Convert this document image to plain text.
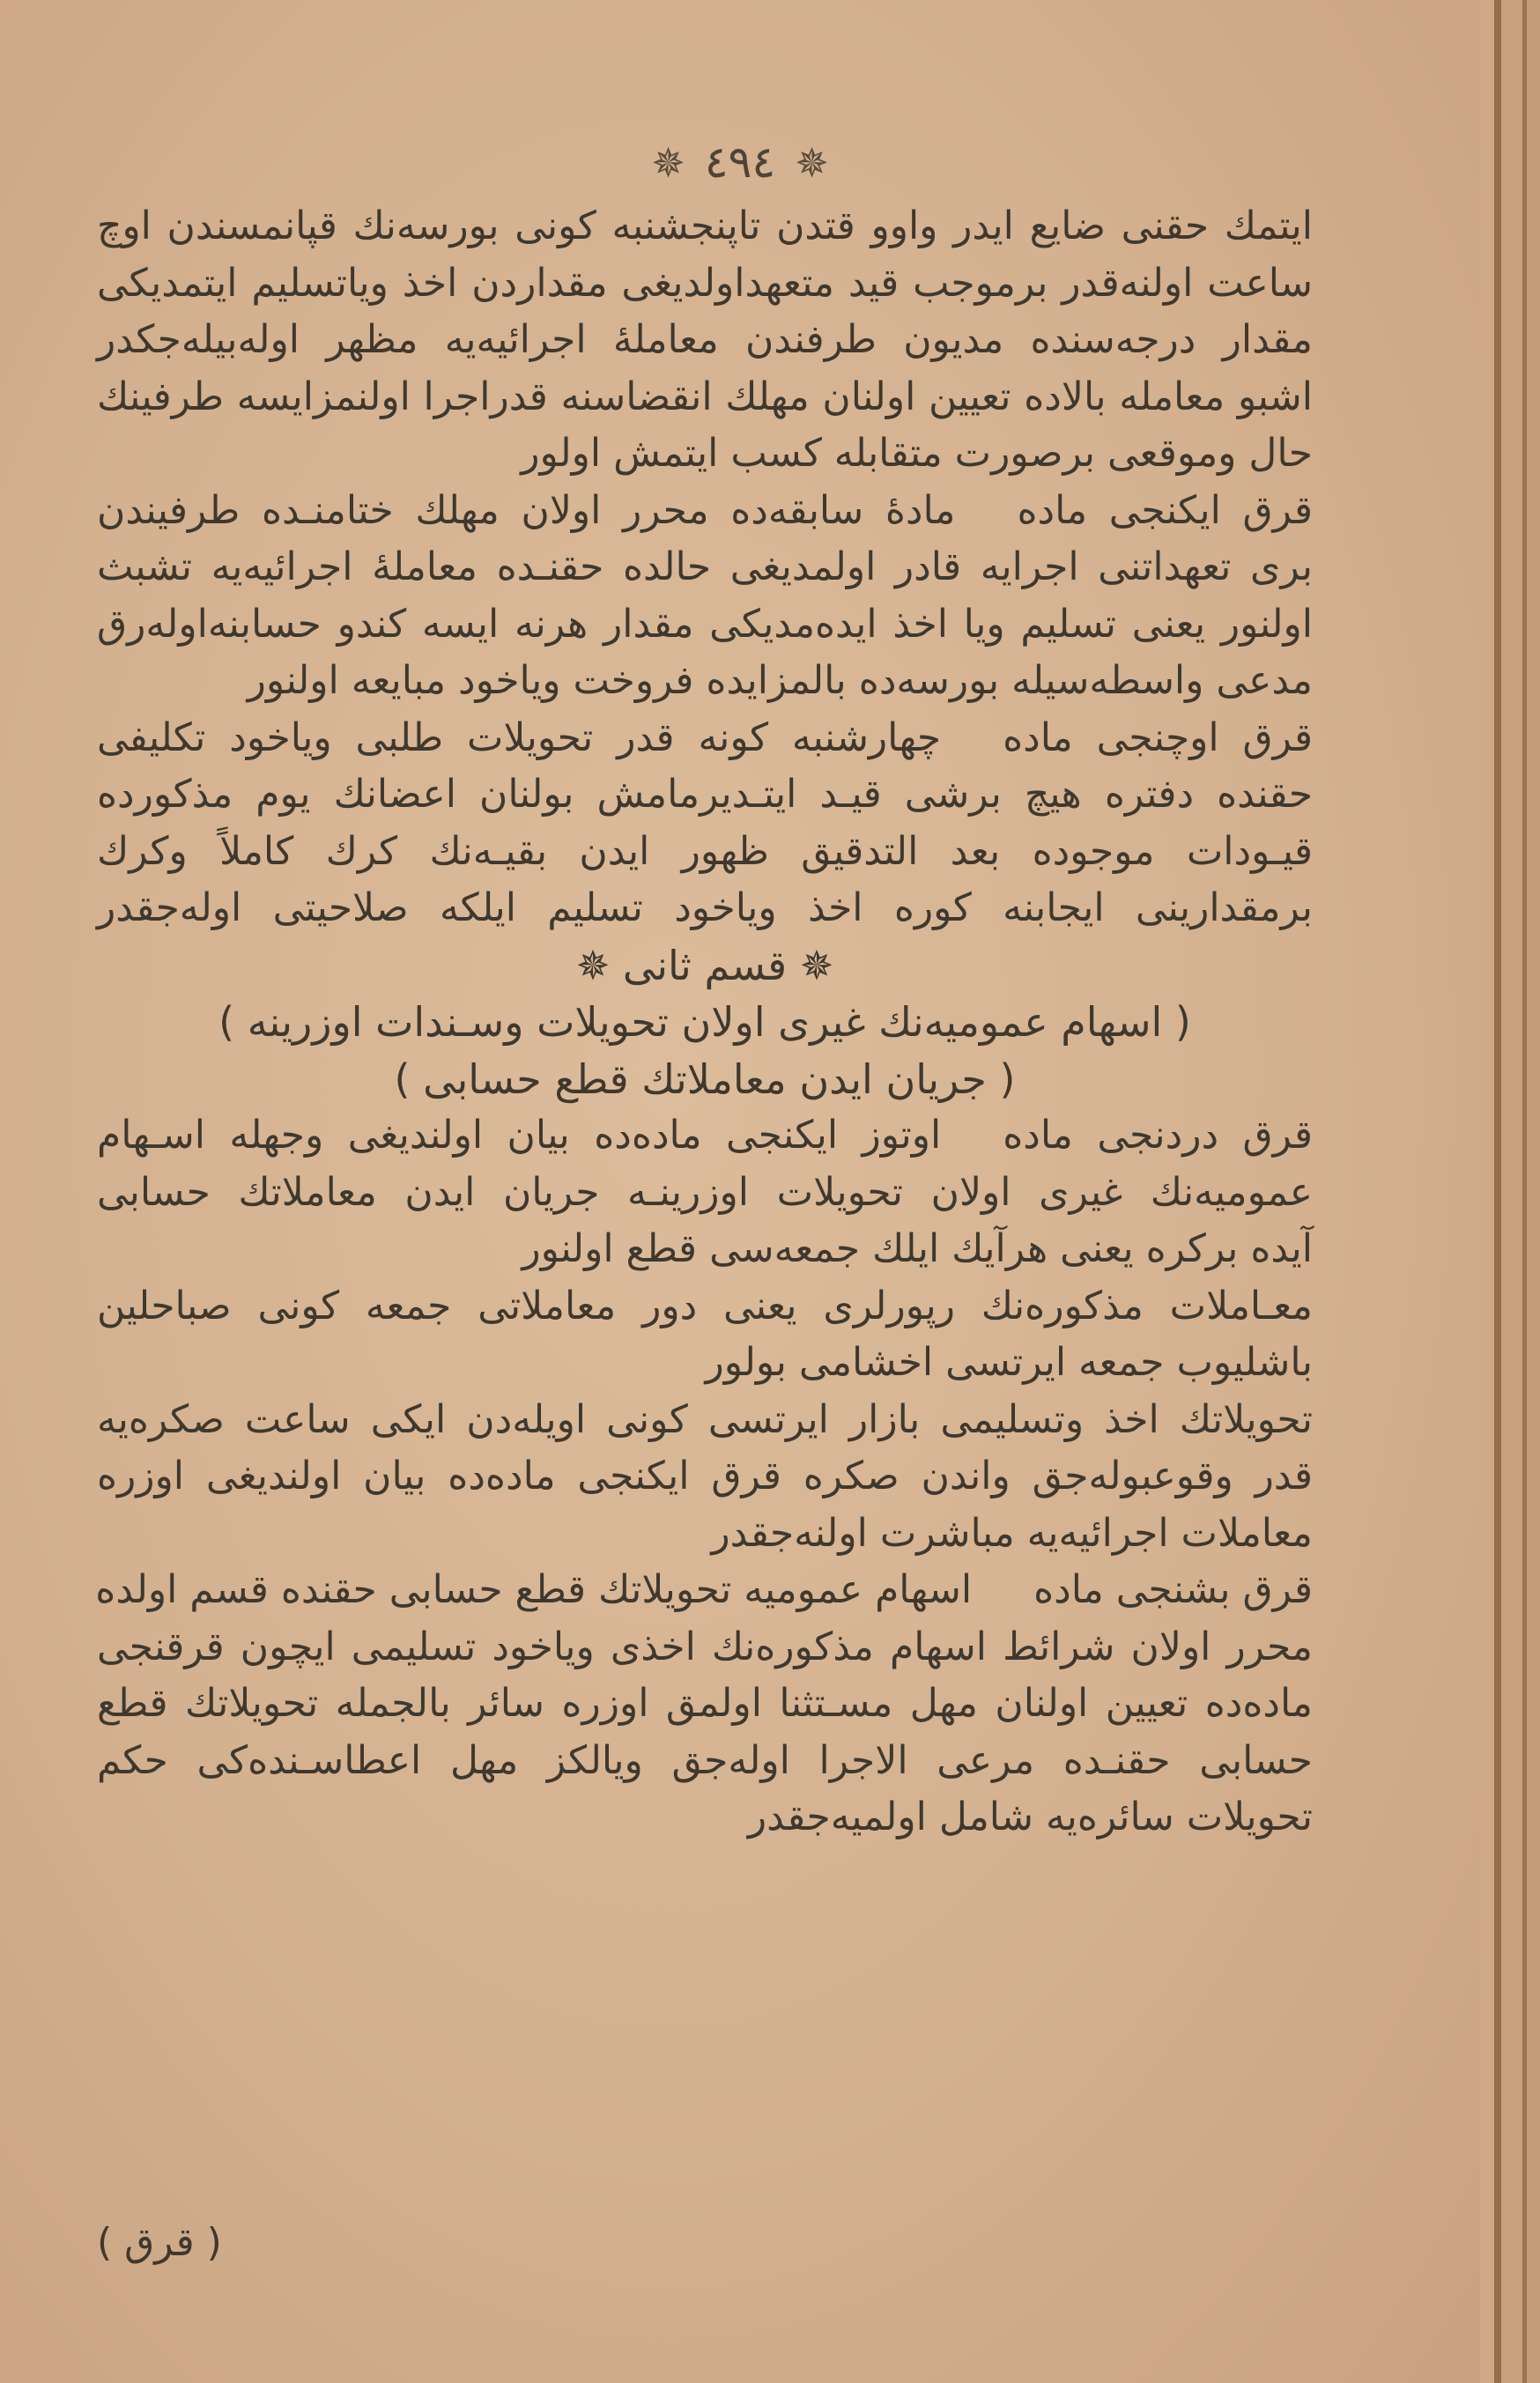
✵ ٤٩٤ ✵
ایتمك حقنی ضایع ایدر واوو قتدن تاپنجشنبه کونی بورسه‌نك قپانمسندن اوچ
ساعت اولنه‌قدر برموجب قید متعهداولدیغی مقداردن اخذ ویاتسلیم ایتمدیکی
مقدار درجه‌سنده مدیون طرفندن معامله‌ٔ اجرائیه‌یه مظهر اوله‌بیله‌جکدر
اشبو معامله بالاده تعیین اولنان مهلك انقضاسنه قدراجرا اولنمزایسه طرفینك
حال وموقعی برصورت متقابله کسب ایتمش اولور
قرق ایکنجی مادهمادهٔ سابقه‌ده محرر اولان مهلك ختامنـده طرفیندن
بری تعهداتنی اجرایه قادر اولمدیغی حالده حقنـده معامله‌ٔ اجرائیه‌یه تشبث
اولنور یعنی تسلیم ویا اخذ ایده‌مدیکی مقدار هرنه ایسه کندو حسابنه‌اوله‌رق
مدعی واسطه‌سیله بورسه‌ده بالمزایده فروخت ویاخود مبایعه اولنور
قرق اوچنجی مادهچهارشنبه کونه قدر تحویلات طلبی ویاخود تکلیفی
حقنده دفتره هیچ برشی قیـد ایتـدیرمامش بولنان اعضانك یوم مذکورده
قیـودات موجوده بعد التدقیق ظهور ایدن بقیـه‌نك کرك کاملاً وکرك
برمقدارینی ایجابنه کوره اخذ ویاخود تسلیم ایلکه صلاحیتی اوله‌جقدر
✵ قسم ثانی ✵
( اسهام عمومیه‌نك غیری اولان تحویلات وسـندات اوزرینه )
( جریان ایدن معاملاتك قطع حسابی )
قرق دردنجی مادهاوتوز ایکنجی ماده‌ده بیان اولندیغی وجهله اسـهام
عمومیه‌نك غیری اولان تحویلات اوزرینـه جریان ایدن معاملاتك حسابی
آیده برکره یعنی هرآیك ایلك جمعه‌سی قطع اولنور
معـاملات مذکوره‌نك رپورلری یعنی دور معاملاتی جمعه کونی صباحلین
باشلیوب جمعه ایرتسی اخشامی بولور
تحویلاتك اخذ وتسلیمی بازار ایرتسی کونی اویله‌دن ایکی ساعت صکره‌یه
قدر وقوعبوله‌جق واندن صکره قرق ایکنجی ماده‌ده بیان اولندیغی اوزره
معاملات اجرائیه‌یه مباشرت اولنه‌جقدر
قرق بشنجی مادهاسهام عمومیه تحویلاتك قطع حسابی حقنده قسم اولده
محرر اولان شرائط اسهام مذکوره‌نك اخذی ویاخود تسلیمی ایچون قرقنجی
ماده‌ده تعیین اولنان مهل مسـتثنا اولمق اوزره سائر بالجمله تحویلاتك قطع
حسابی حقنـده مرعی الاجرا اوله‌جق ویالکز مهل اعطاسـنده‌کی حکم
تحویلات سائره‌یه شامل اولمیه‌جقدر
( قرق )
